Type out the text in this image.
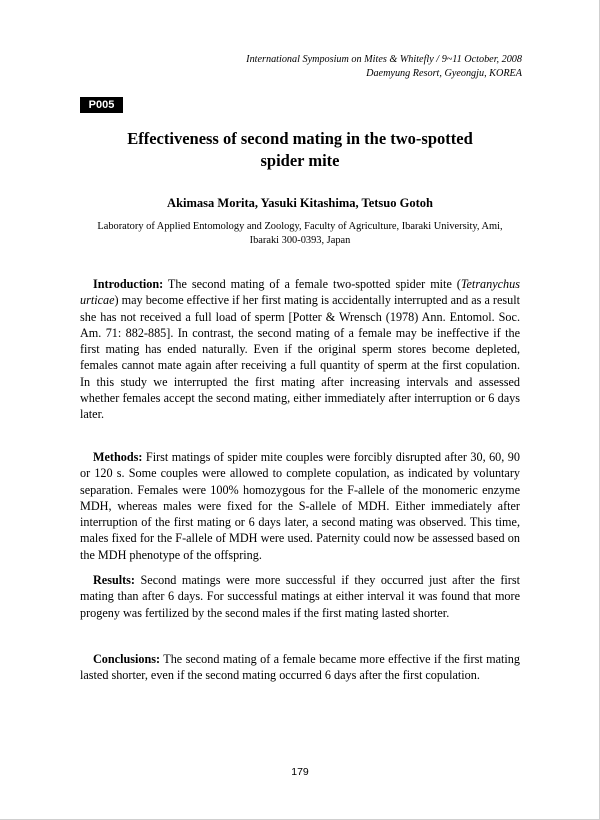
International Symposium on Mites & Whitefly / 9~11 October, 2008
Daemyung Resort, Gyeongju, KOREA
P005
Effectiveness of second mating in the two-spotted
spider mite
Akimasa Morita, Yasuki Kitashima, Tetsuo Gotoh
Laboratory of Applied Entomology and Zoology, Faculty of Agriculture, Ibaraki University, Ami,
Ibaraki 300-0393, Japan

Introduction: The second mating of a female two-spotted spider mite (Tetranychus urticae) may become effective if her first mating is accidentally interrupted and as a result she has not received a full load of sperm [Potter & Wrensch (1978) Ann. Entomol. Soc. Am. 71: 882-885]. In contrast, the second mating of a female may be ineffective if the first mating has ended naturally. Even if the original sperm stores become depleted, females cannot mate again after receiving a full quantity of sperm at the first copulation. In this study we interrupted the first mating after increasing intervals and assessed whether females accept the second mating, either immediately after interruption or 6 days later.

Methods: First matings of spider mite couples were forcibly disrupted after 30, 60, 90 or 120 s. Some couples were allowed to complete copulation, as indicated by voluntary separation. Females were 100% homozygous for the F-allele of the monomeric enzyme MDH, whereas males were fixed for the S-allele of MDH. Either immediately after interruption of the first mating or 6 days later, a second mating was observed. This time, males fixed for the F-allele of MDH were used. Paternity could now be assessed based on the MDH phenotype of the offspring.

Results: Second matings were more successful if they occurred just after the first mating than after 6 days. For successful matings at either interval it was found that more progeny was fertilized by the second males if the first mating lasted shorter.

Conclusions: The second mating of a female became more effective if the first mating lasted shorter, even if the second mating occurred 6 days after the first copulation.

179
